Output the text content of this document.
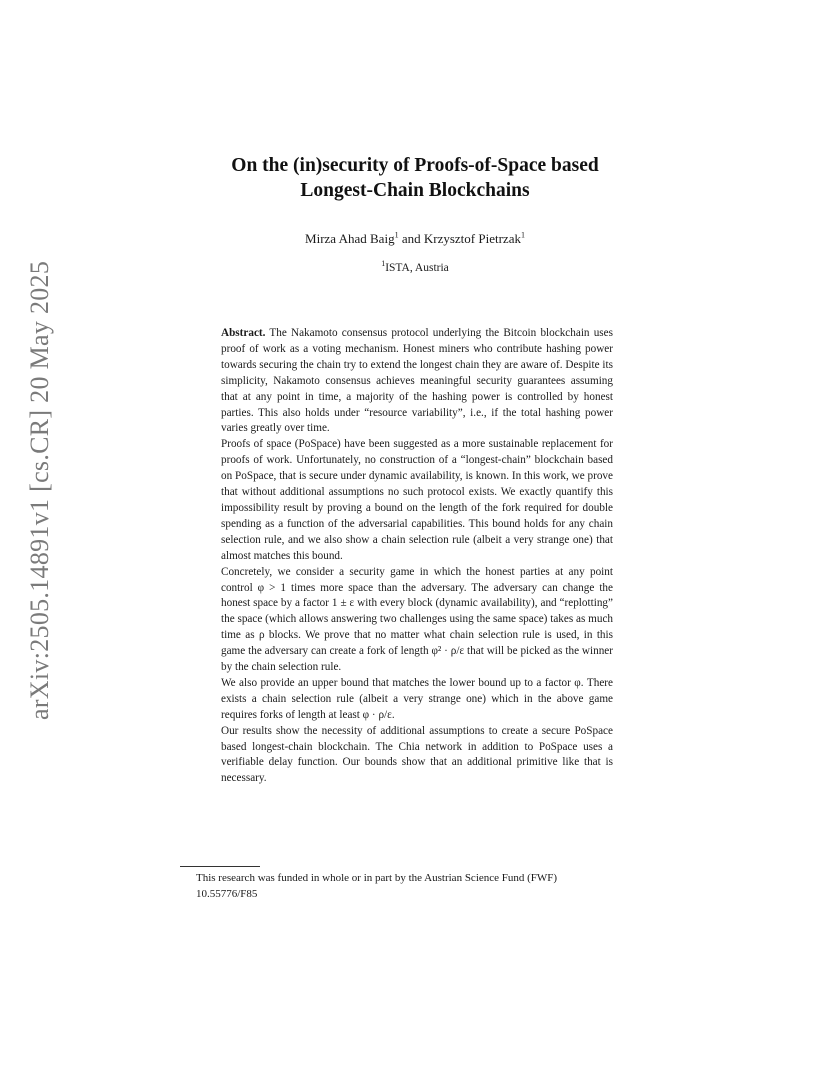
arXiv:2505.14891v1 [cs.CR] 20 May 2025
On the (in)security of Proofs-of-Space based
Longest-Chain Blockchains
Mirza Ahad Baig$^1$ and Krzysztof Pietrzak$^1$
$^1$ISTA, Austria

Abstract. The Nakamoto consensus protocol underlying the Bitcoin blockchain uses proof of work as a voting mechanism. Honest miners who contribute hashing power towards securing the chain try to extend the longest chain they are aware of. Despite its simplicity, Nakamoto consensus achieves meaningful security guarantees assuming that at any point in time, a majority of the hashing power is controlled by honest parties. This also holds under “resource variability”, i.e., if the total hashing power varies greatly over time.

Proofs of space (PoSpace) have been suggested as a more sustainable replacement for proofs of work. Unfortunately, no construction of a “longest-chain” blockchain based on PoSpace, that is secure under dynamic availability, is known. In this work, we prove that without additional assumptions no such protocol exists. We exactly quantify this impossibility result by proving a bound on the length of the fork required for double spending as a function of the adversarial capabilities. This bound holds for any chain selection rule, and we also show a chain selection rule (albeit a very strange one) that almost matches this bound.

Concretely, we consider a security game in which the honest parties at any point control φ > 1 times more space than the adversary. The adversary can change the honest space by a factor 1 ± ε with every block (dynamic availability), and “replotting” the space (which allows answering two challenges using the same space) takes as much time as ρ blocks. We prove that no matter what chain selection rule is used, in this game the adversary can create a fork of length φ² · ρ/ε that will be picked as the winner by the chain selection rule.

We also provide an upper bound that matches the lower bound up to a factor φ. There exists a chain selection rule (albeit a very strange one) which in the above game requires forks of length at least φ · ρ/ε.

Our results show the necessity of additional assumptions to create a secure PoSpace based longest-chain blockchain. The Chia network in addition to PoSpace uses a verifiable delay function. Our bounds show that an additional primitive like that is necessary.

This research was funded in whole or in part by the Austrian Science Fund (FWF)
10.55776/F85
